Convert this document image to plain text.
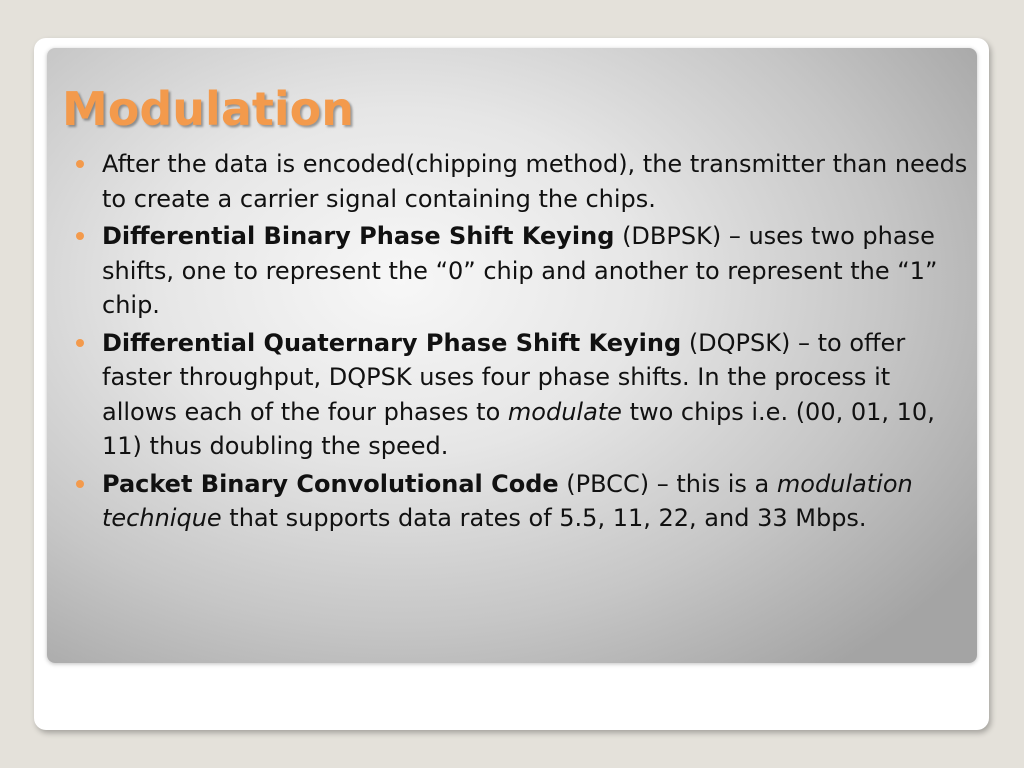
Modulation
After the data is encoded(chipping method), the transmitter than needs to create a carrier signal containing the chips.
Differential Binary Phase Shift Keying (DBPSK) – uses two phase shifts, one to represent the “0” chip and another to represent the “1” chip.
Differential Quaternary Phase Shift Keying (DQPSK) – to offer faster throughput, DQPSK uses four phase shifts. In the process it allows each of the four phases to modulate two chips i.e. (00, 01, 10, 11) thus doubling the speed.
Packet Binary Convolutional Code (PBCC) – this is a modulation technique that supports data rates of 5.5, 11, 22, and 33 Mbps.
